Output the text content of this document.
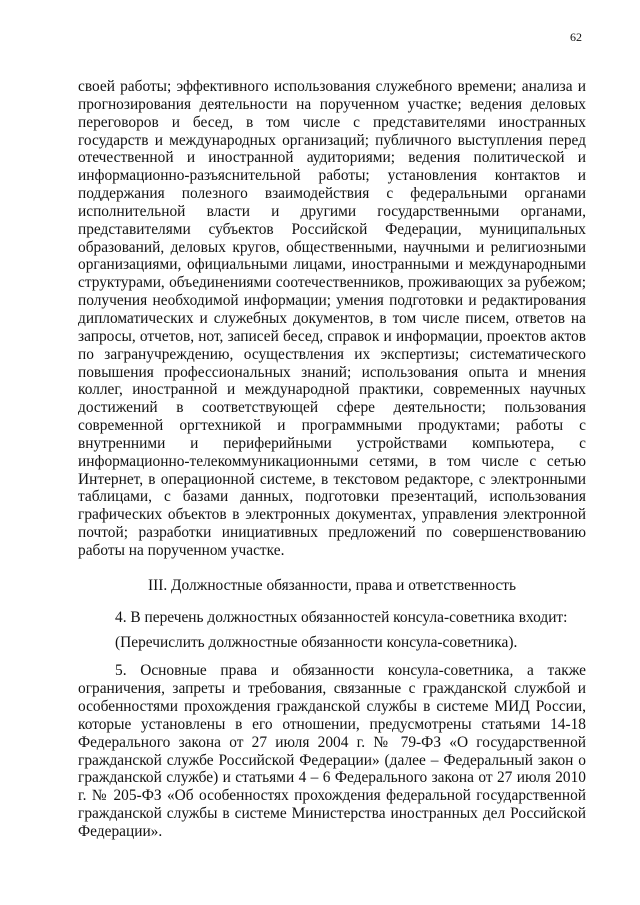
62

своей работы; эффективного использования служебного времени; анализа и прогнозирования деятельности на порученном участке; ведения деловых переговоров и бесед, в том числе с представителями иностранных государств и международных организаций; публичного выступления перед отечественной и иностранной аудиториями; ведения политической и информационно-разъяснительной работы; установления контактов и поддержания полезного взаимодействия с федеральными органами исполнительной власти и другими государственными органами, представителями субъектов Российской Федерации, муниципальных образований, деловых кругов, общественными, научными и религиозными организациями, официальными лицами, иностранными и международными структурами, объединениями соотечественников, проживающих за рубежом; получения необходимой информации; умения подготовки и редактирования дипломатических и служебных документов, в том числе писем, ответов на запросы, отчетов, нот, записей бесед, справок и информации, проектов актов по загранучреждению, осуществления их экспертизы; систематического повышения профессиональных знаний; использования опыта и мнения коллег, иностранной и международной практики, современных научных достижений в соответствующей сфере деятельности; пользования современной оргтехникой и программными продуктами; работы с внутренними и периферийными устройствами компьютера, с информационно-телекоммуникационными сетями, в том числе с сетью Интернет, в операционной системе, в текстовом редакторе, с электронными таблицами, с базами данных, подготовки презентаций, использования графических объектов в электронных документах, управления электронной почтой; разработки инициативных предложений по совершенствованию работы на порученном участке.

III. Должностные обязанности, права и ответственность

4. В перечень должностных обязанностей консула-советника входит:

(Перечислить должностные обязанности консула-советника).

5. Основные права и обязанности консула-советника, а также ограничения, запреты и требования, связанные с гражданской службой и особенностями прохождения гражданской службы в системе МИД России, которые установлены в его отношении, предусмотрены статьями 14-18 Федерального закона от 27 июля 2004 г. № 79-ФЗ «О государственной гражданской службе Российской Федерации» (далее – Федеральный закон о гражданской службе) и статьями 4 – 6 Федерального закона от 27 июля 2010 г. № 205-ФЗ «Об особенностях прохождения федеральной государственной гражданской службы в системе Министерства иностранных дел Российской Федерации».
